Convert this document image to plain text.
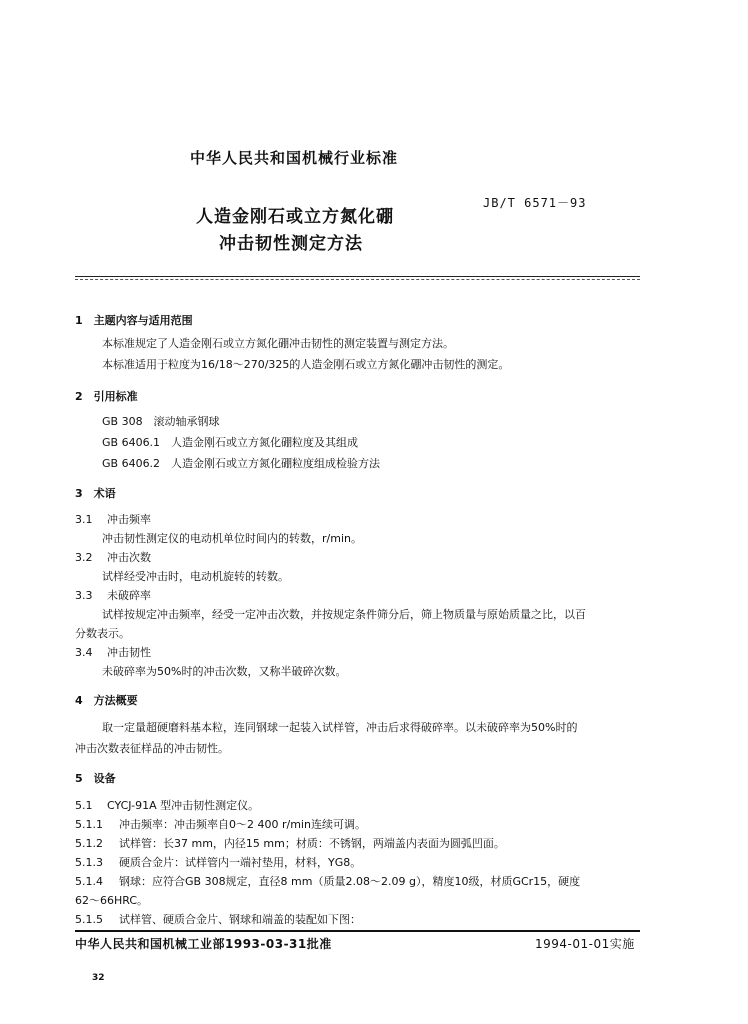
中华人民共和国机械行业标准
人造金刚石或立方氮化硼
冲击韧性测定方法
JB/T 6571－93
1　主题内容与适用范围
本标准规定了人造金刚石或立方氮化硼冲击韧性的测定装置与测定方法。
本标准适用于粒度为16/18～270/325的人造金刚石或立方氮化硼冲击韧性的测定。
2　引用标准
GB 308　滚动轴承钢球
GB 6406.1　人造金刚石或立方氮化硼粒度及其组成
GB 6406.2　人造金刚石或立方氮化硼粒度组成检验方法
3　术语
3.1 冲击频率
冲击韧性测定仪的电动机单位时间内的转数，r/min。
3.2 冲击次数
试样经受冲击时，电动机旋转的转数。
3.3 未破碎率
试样按规定冲击频率，经受一定冲击次数，并按规定条件筛分后，筛上物质量与原始质量之比，以百
分数表示。
3.4 冲击韧性
未破碎率为50%时的冲击次数，又称半破碎次数。
4　方法概要
取一定量超硬磨料基本粒，连同钢球一起装入试样管，冲击后求得破碎率。以未破碎率为50%时的
冲击次数表征样品的冲击韧性。
5　设备
5.1 CYCJ-91A 型冲击韧性测定仪。
5.1.1 冲击频率：冲击频率自0～2 400 r/min连续可调。
5.1.2 试样管：长37 mm，内径15 mm；材质：不锈钢，两端盖内表面为圆弧凹面。
5.1.3 硬质合金片：试样管内一端衬垫用，材料，YG8。
5.1.4 钢球：应符合GB 308规定，直径8 mm（质量2.08～2.09 g），精度10级，材质GCr15，硬度
62～66HRC。
5.1.5 试样管、硬质合金片、钢球和端盖的装配如下图：
中华人民共和国机械工业部1993-03-31批准	1994-01-01实施
32
